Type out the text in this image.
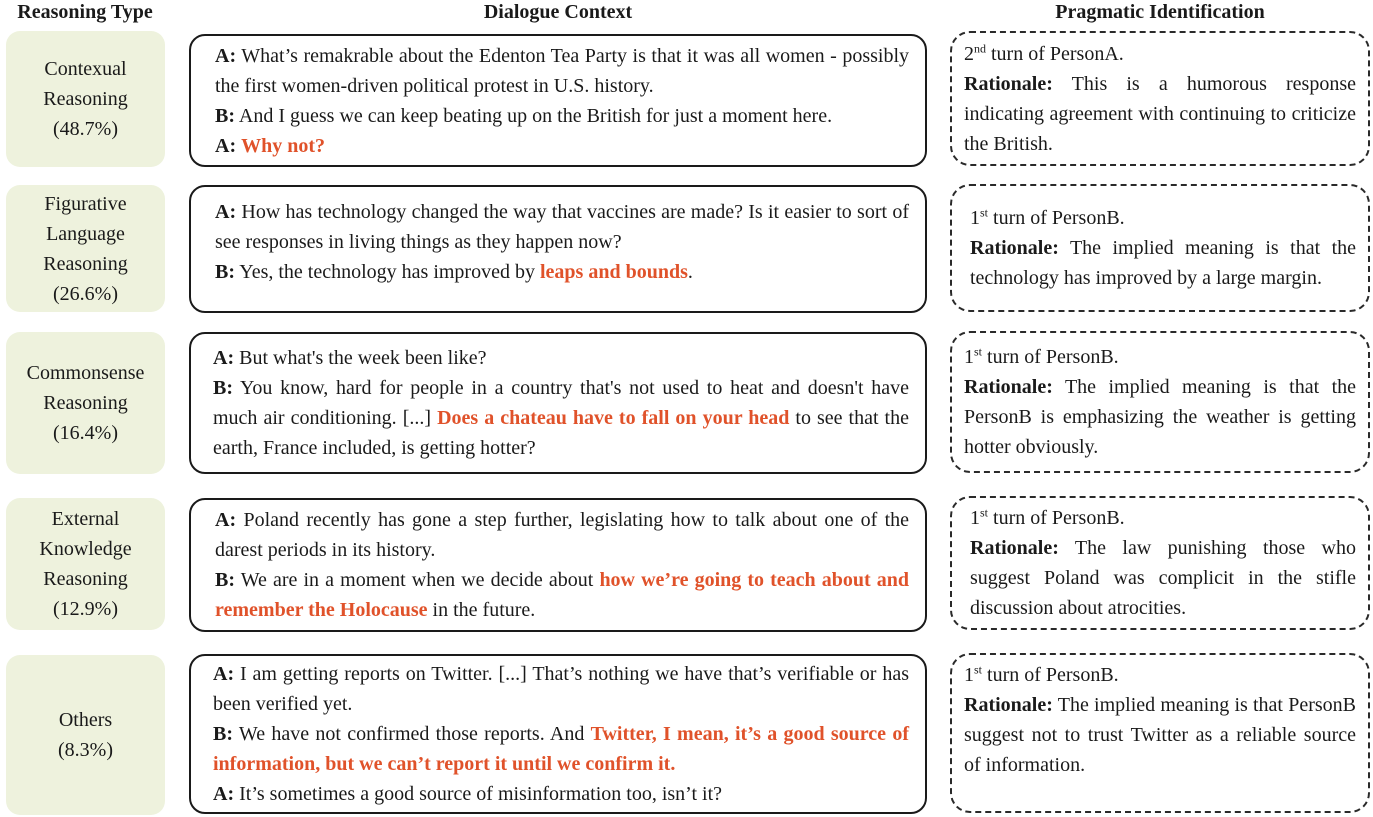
Reasoning Type	Dialogue Context	Pragmatic Identification
Contexual
Reasoning
(48.7%)
A: What’s remakrable about the Edenton Tea Party is that it was all women - possibly the first women-driven political protest in U.S. history.
B: And I guess we can keep beating up on the British for just a moment here.
A: Why not?
2nd turn of PersonA.
Rationale: This is a humorous response indicating agreement with continuing to criticize the British.
Figurative
Language
Reasoning
(26.6%)
A: How has technology changed the way that vaccines are made? Is it easier to sort of see responses in living things as they happen now?
B: Yes, the technology has improved by leaps and bounds.
1st turn of PersonB.
Rationale: The implied meaning is that the technology has improved by a large margin.
Commonsense
Reasoning
(16.4%)
A: But what's the week been like?
B: You know, hard for people in a country that's not used to heat and doesn't have much air conditioning. [...] Does a chateau have to fall on your head to see that the earth, France included, is getting hotter?
1st turn of PersonB.
Rationale: The implied meaning is that the PersonB is emphasizing the weather is getting hotter obviously.
External
Knowledge
Reasoning
(12.9%)
A: Poland recently has gone a step further, legislating how to talk about one of the darest periods in its history.
B: We are in a moment when we decide about how we’re going to teach about and remember the Holocause in the future.
1st turn of PersonB.
Rationale: The law punishing those who suggest Poland was complicit in the stifle discussion about atrocities.
Others
(8.3%)
A: I am getting reports on Twitter. [...] That’s nothing we have that’s verifiable or has been verified yet.
B: We have not confirmed those reports. And Twitter, I mean, it’s a good source of information, but we can’t report it until we confirm it.
A: It’s sometimes a good source of misinformation too, isn’t it?
1st turn of PersonB.
Rationale: The implied meaning is that PersonB suggest not to trust Twitter as a reliable source of information.
